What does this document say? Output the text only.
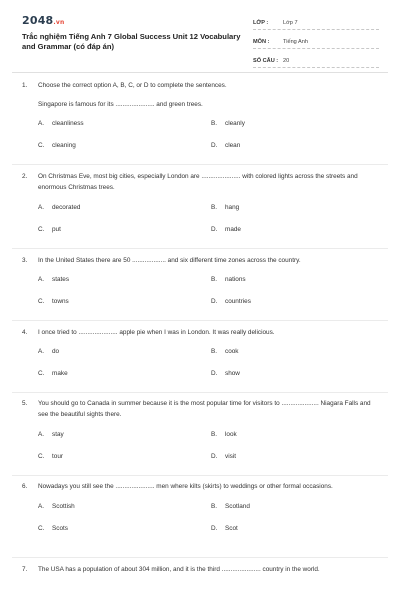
2048.vn
Trắc nghiệm Tiếng Anh 7 Global Success Unit 12 Vocabulary and Grammar (có đáp án)
LỚP :	Lớp 7
MÔN :	Tiếng Anh
SỐ CÂU : 20
1.	Choose the correct option A, B, C, or D to complete the sentences.
Singapore is famous for its ...................... and green trees.
A.	cleanliness	B.	cleanly
C.	cleaning	D.	clean
2.	On Christmas Eve, most big cities, especially London are ...................... with colored lights across the streets and enormous Christmas trees.
A.	decorated	B.	hang
C.	put	D.	made
3.	In the United States there are 50 ................... and six different time zones across the country.
A.	states	B.	nations
C.	towns	D.	countries
4.	I once tried to ...................... apple pie when I was in London. It was really delicious.
A.	do	B.	cook
C.	make	D.	show
5.	You should go to Canada in summer because it is the most popular time for visitors to ..................... Niagara Falls and see the beautiful sights there.
A.	stay	B.	look
C.	tour	D.	visit
6.	Nowadays you still see the ...................... men where kilts (skirts) to weddings or other formal occasions.
A.	Scottish	B.	Scotland
C.	Scots	D.	Scot
7.	The USA has a population of about 304 million, and it is the third ...................... country in the world.
